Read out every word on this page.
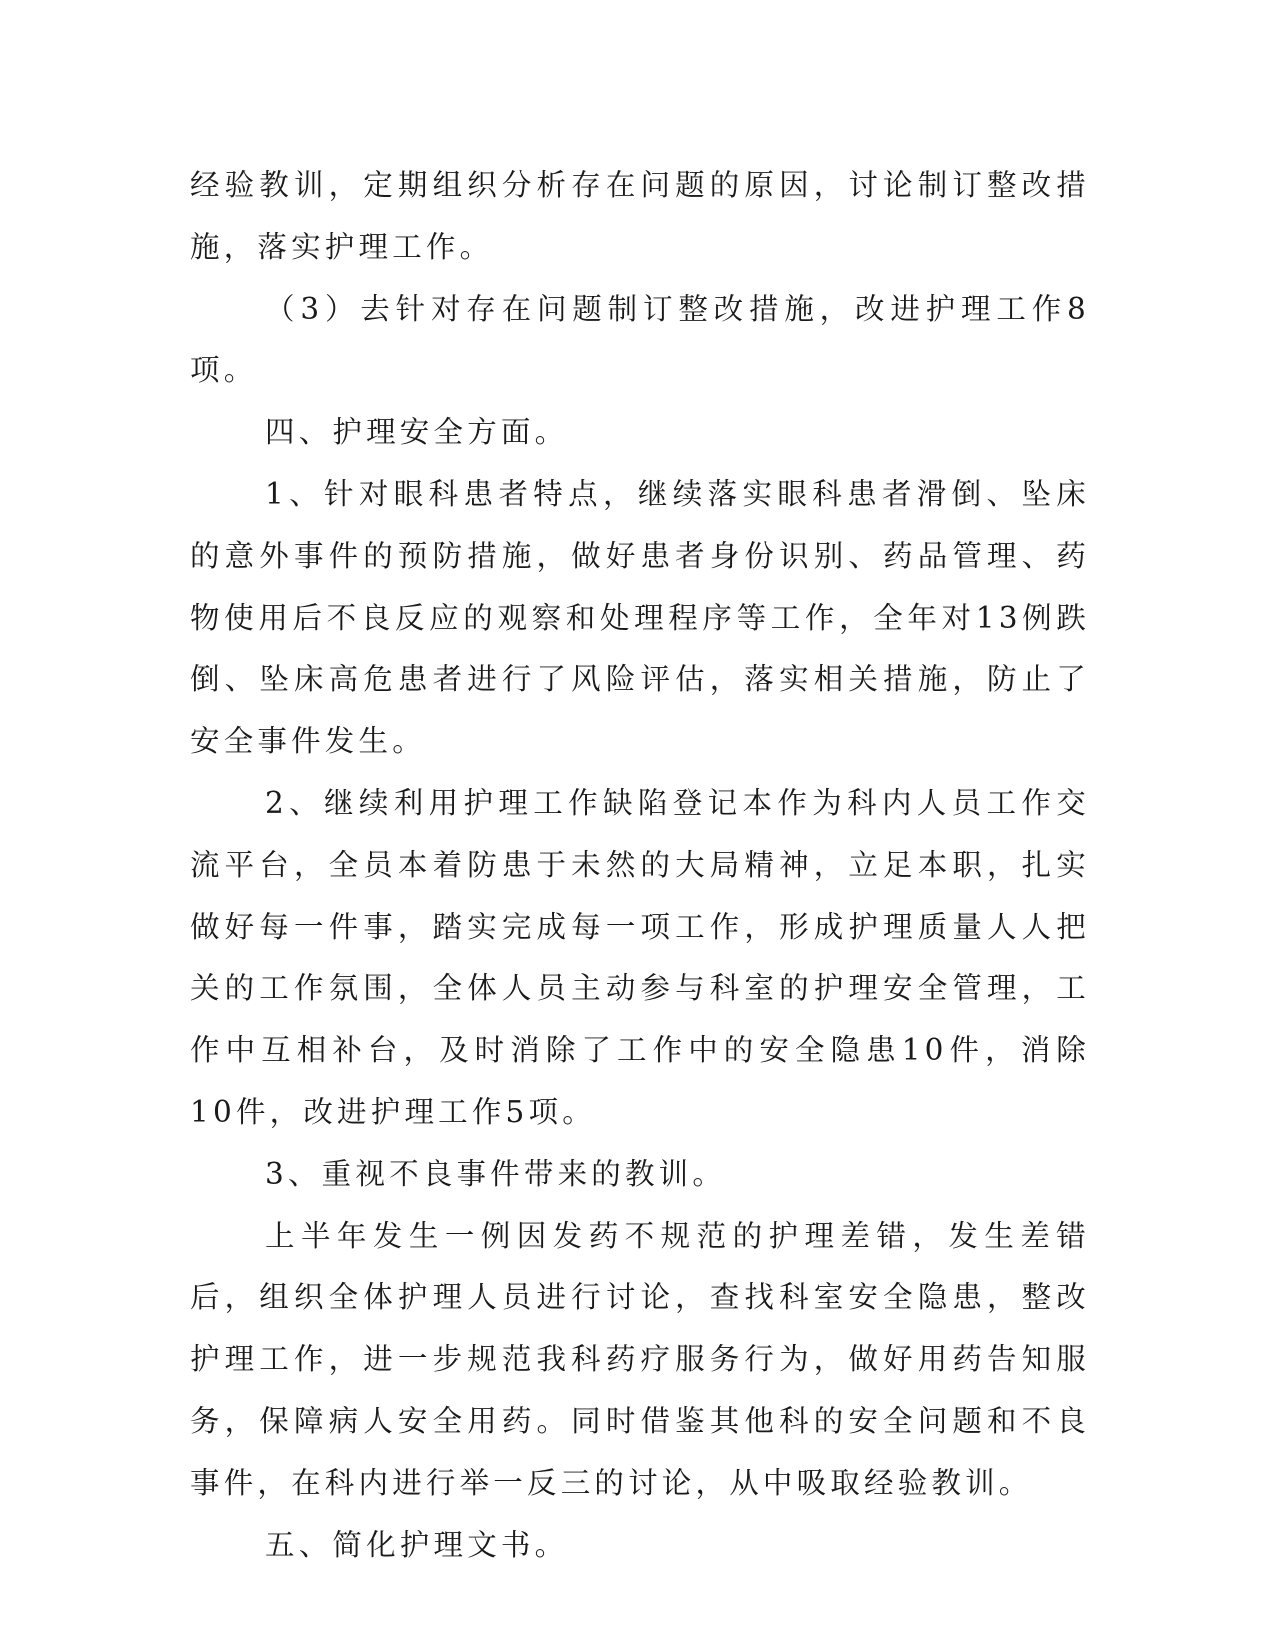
经验教训，定期组织分析存在问题的原因，讨论制订整改措施，落实护理工作。

（3）去针对存在问题制订整改措施，改进护理工作8项。

四、护理安全方面。

1、针对眼科患者特点，继续落实眼科患者滑倒、坠床的意外事件的预防措施，做好患者身份识别、药品管理、药物使用后不良反应的观察和处理程序等工作，全年对13例跌倒、坠床高危患者进行了风险评估，落实相关措施，防止了安全事件发生。

2、继续利用护理工作缺陷登记本作为科内人员工作交流平台，全员本着防患于未然的大局精神，立足本职，扎实做好每一件事，踏实完成每一项工作，形成护理质量人人把关的工作氛围，全体人员主动参与科室的护理安全管理，工作中互相补台，及时消除了工作中的安全隐患10件，消除10件，改进护理工作5项。

3、重视不良事件带来的教训。

上半年发生一例因发药不规范的护理差错，发生差错后，组织全体护理人员进行讨论，查找科室安全隐患，整改护理工作，进一步规范我科药疗服务行为，做好用药告知服务，保障病人安全用药。同时借鉴其他科的安全问题和不良事件，在科内进行举一反三的讨论，从中吸取经验教训。

五、简化护理文书。
